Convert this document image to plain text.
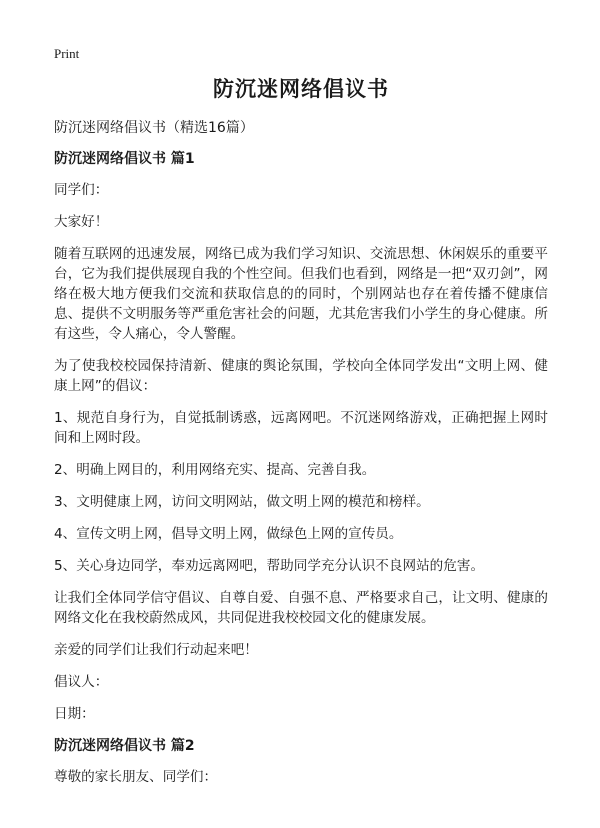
Print
防沉迷网络倡议书
防沉迷网络倡议书（精选16篇）
防沉迷网络倡议书 篇1
同学们：
大家好！
随着互联网的迅速发展，网络已成为我们学习知识、交流思想、休闲娱乐的重要平台，它为我们提供展现自我的个性空间。但我们也看到，网络是一把“双刃剑”，网络在极大地方便我们交流和获取信息的的同时，个别网站也存在着传播不健康信息、提供不文明服务等严重危害社会的问题，尤其危害我们小学生的身心健康。所有这些，令人痛心，令人警醒。
为了使我校校园保持清新、健康的舆论氛围，学校向全体同学发出“文明上网、健康上网”的倡议：
1、规范自身行为，自觉抵制诱惑，远离网吧。不沉迷网络游戏，正确把握上网时间和上网时段。
2、明确上网目的，利用网络充实、提高、完善自我。
3、文明健康上网，访问文明网站，做文明上网的模范和榜样。
4、宣传文明上网，倡导文明上网，做绿色上网的宣传员。
5、关心身边同学，奉劝远离网吧，帮助同学充分认识不良网站的危害。
让我们全体同学信守倡议、自尊自爱、自强不息、严格要求自己，让文明、健康的网络文化在我校蔚然成风，共同促进我校校园文化的健康发展。
亲爱的同学们让我们行动起来吧！
倡议人：
日期：
防沉迷网络倡议书 篇2
尊敬的家长朋友、同学们：
